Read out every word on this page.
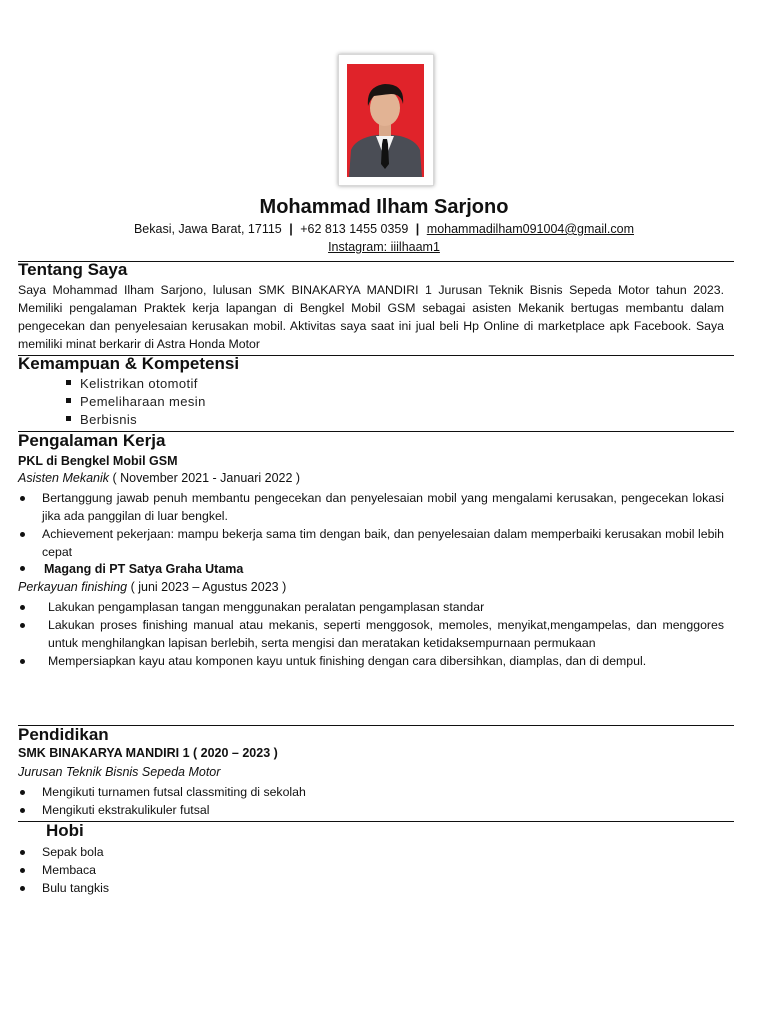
Mohammad Ilham Sarjono
Bekasi, Jawa Barat, 17115 | +62 813 1455 0359 | mohammadilham091004@gmail.com
Instagram: iiilhaam1
Tentang Saya
Saya Mohammad Ilham Sarjono, lulusan SMK BINAKARYA MANDIRI 1 Jurusan Teknik Bisnis Sepeda Motor tahun 2023. Memiliki pengalaman Praktek kerja lapangan di Bengkel Mobil GSM sebagai asisten Mekanik bertugas membantu dalam pengecekan dan penyelesaian kerusakan mobil. Aktivitas saya saat ini jual beli Hp Online di marketplace apk Facebook. Saya memiliki minat berkarir di Astra Honda Motor
Kemampuan & Kompetensi
Kelistrikan otomotif
Pemeliharaan mesin
Berbisnis
Pengalaman Kerja
PKL di Bengkel Mobil GSM
Asisten Mekanik ( November 2021 - Januari 2022 )
Bertanggung jawab penuh membantu pengecekan dan penyelesaian mobil yang mengalami kerusakan, pengecekan lokasi jika ada panggilan di luar bengkel.
Achievement pekerjaan: mampu bekerja sama tim dengan baik, dan penyelesaian dalam memperbaiki kerusakan mobil lebih cepat
Magang di PT Satya Graha Utama
Perkayuan finishing ( juni 2023 – Agustus 2023 )
Lakukan pengamplasan tangan menggunakan peralatan pengamplasan standar
Lakukan proses finishing manual atau mekanis, seperti menggosok, memoles, menyikat,mengampelas, dan menggores untuk menghilangkan lapisan berlebih, serta mengisi dan meratakan ketidaksempurnaan permukaan
Mempersiapkan kayu atau komponen kayu untuk finishing dengan cara dibersihkan, diamplas, dan di dempul.
Pendidikan
SMK BINAKARYA MANDIRI 1 ( 2020 – 2023 )
Jurusan Teknik Bisnis Sepeda Motor
Mengikuti turnamen futsal classmiting di sekolah
Mengikuti ekstrakulikuler futsal
Hobi
Sepak bola
Membaca
Bulu tangkis
